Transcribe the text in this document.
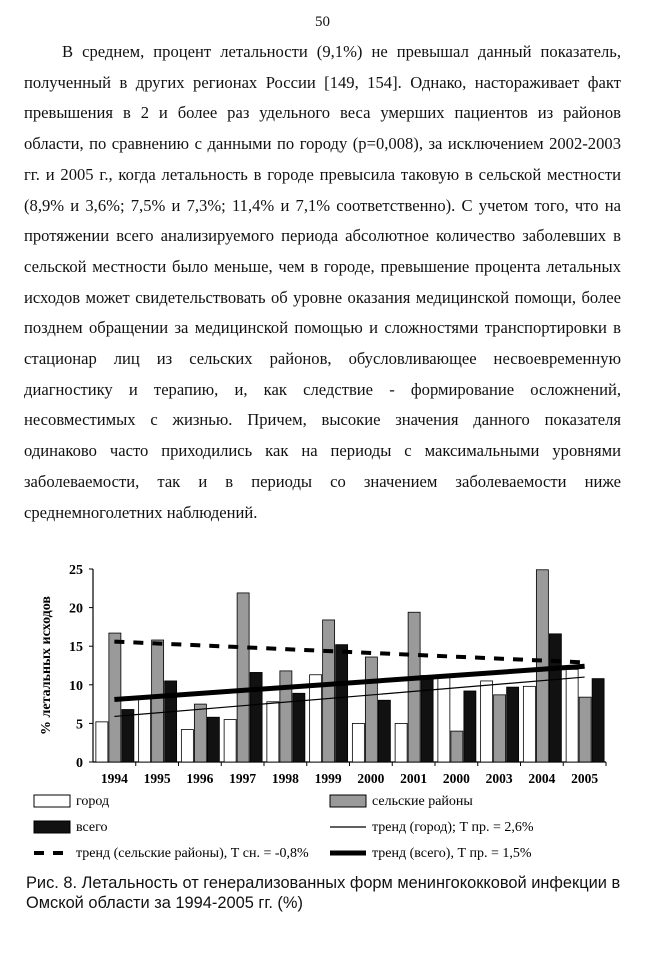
50

В среднем, процент летальности (9,1%) не превышал данный показатель, полученный в других регионах России [149, 154]. Однако, настораживает факт превышения в 2 и более раз удельного веса умерших пациентов из районов области, по сравнению с данными по городу (p=0,008), за исключением 2002-2003 гг. и 2005 г., когда летальность в городе превысила таковую в сельской местности (8,9% и 3,6%; 7,5% и 7,3%; 11,4% и 7,1% соответственно). С учетом того, что на протяжении всего анализируемого периода абсолютное количество заболевших в сельской местности было меньше, чем в городе, превышение процента летальных исходов может свидетельствовать об уровне оказания медицинской помощи, более позднем обращении за медицинской помощью и сложностями транспортировки в стационар лиц из сельских районов, обусловливающее несвоевременную диагностику и терапию, и, как следствие - формирование осложнений, несовместимых с жизнью. Причем, высокие значения данного показателя одинаково часто приходились как на периоды с максимальными уровнями заболеваемости, так и в периоды со значением заболеваемости ниже среднемноголетних наблюдений.

0
5
10
15
20
25
% летальных исходов
1994 1995 1996 1997 1998 1999 2000 2001 2000 2003 2004 2005
город	сельские районы
всего	тренд (город); Т пр. = 2,6%
тренд (сельские районы), Т сн. = -0,8%	тренд (всего), Т пр. = 1,5%
Рис. 8. Летальность от генерализованных форм менингококковой инфекции в Омской области за 1994-2005 гг. (%)
